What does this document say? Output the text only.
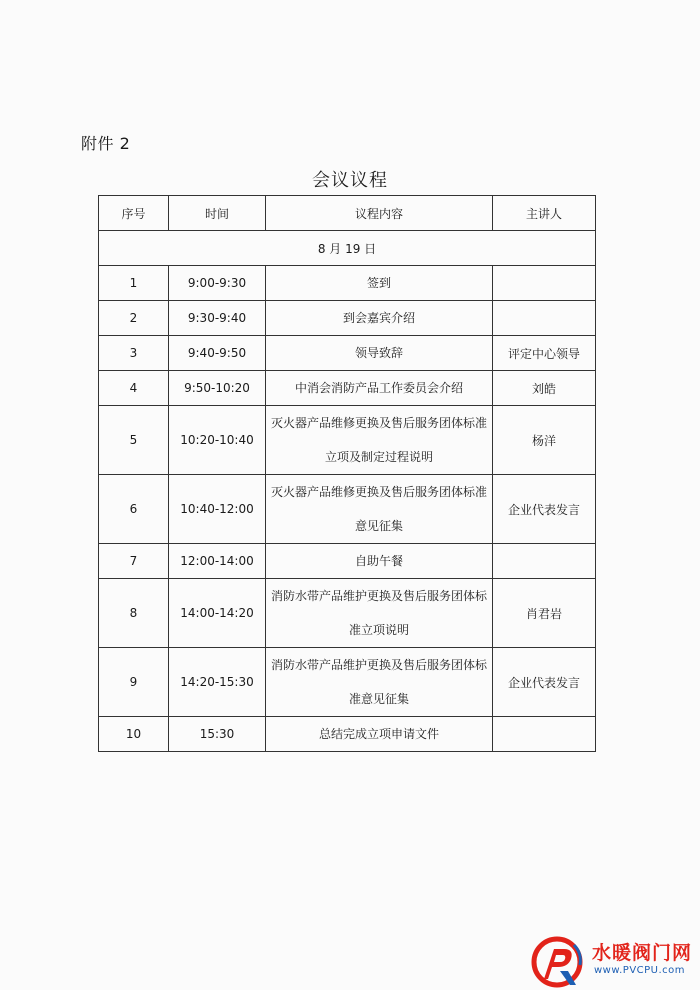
附件 2
会议议程
序号	时间	议程内容	主讲人
8 月 19 日			
1	9:00-9:30	签到	
2	9:30-9:40	到会嘉宾介绍	
3	9:40-9:50	领导致辞	评定中心领导
4	9:50-10:20	中消会消防产品工作委员会介绍	刘皓
5	10:20-10:40	灭火器产品维修更换及售后服务团体标准立项及制定过程说明	杨洋
6	10:40-12:00	灭火器产品维修更换及售后服务团体标准意见征集	企业代表发言
7	12:00-14:00	自助午餐	
8	14:00-14:20	消防水带产品维护更换及售后服务团体标准立项说明	肖君岩
9	14:20-15:30	消防水带产品维护更换及售后服务团体标准意见征集	企业代表发言
10	15:30	总结完成立项申请文件	
水暖阀门网
www.PVCPU.com
